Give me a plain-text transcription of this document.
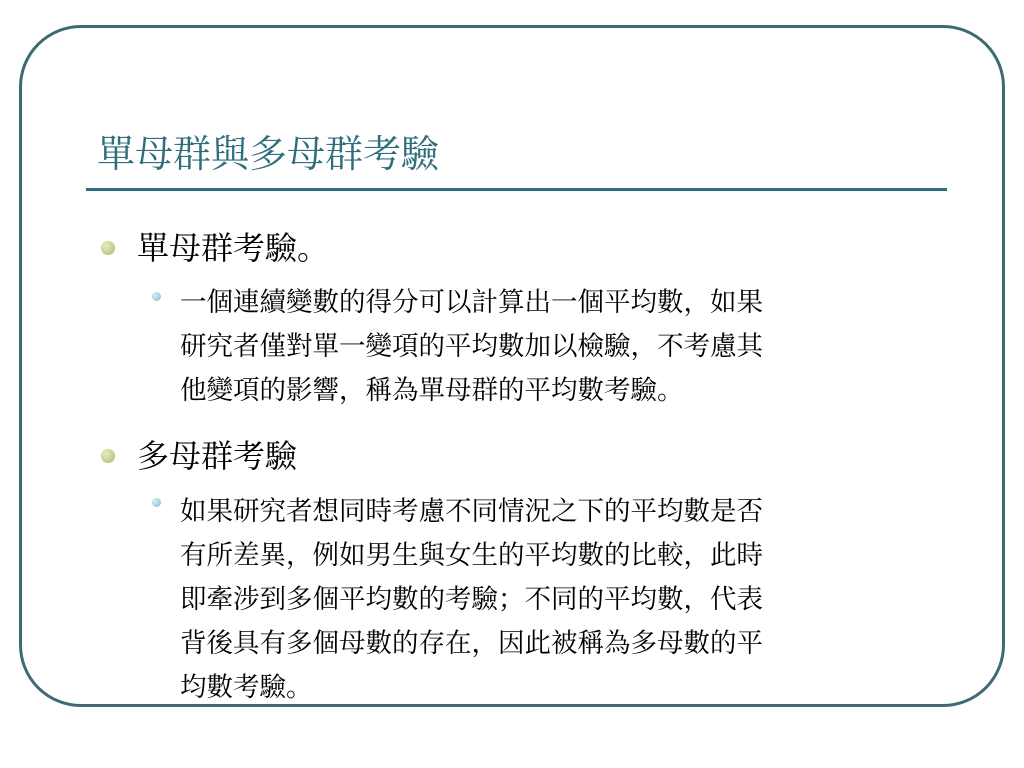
單母群與多母群考驗
單母群考驗。
一個連續變數的得分可以計算出一個平均數，如果
研究者僅對單一變項的平均數加以檢驗，不考慮其
他變項的影響，稱為單母群的平均數考驗。
多母群考驗
如果研究者想同時考慮不同情況之下的平均數是否
有所差異，例如男生與女生的平均數的比較，此時
即牽涉到多個平均數的考驗；不同的平均數，代表
背後具有多個母數的存在，因此被稱為多母數的平
均數考驗。
